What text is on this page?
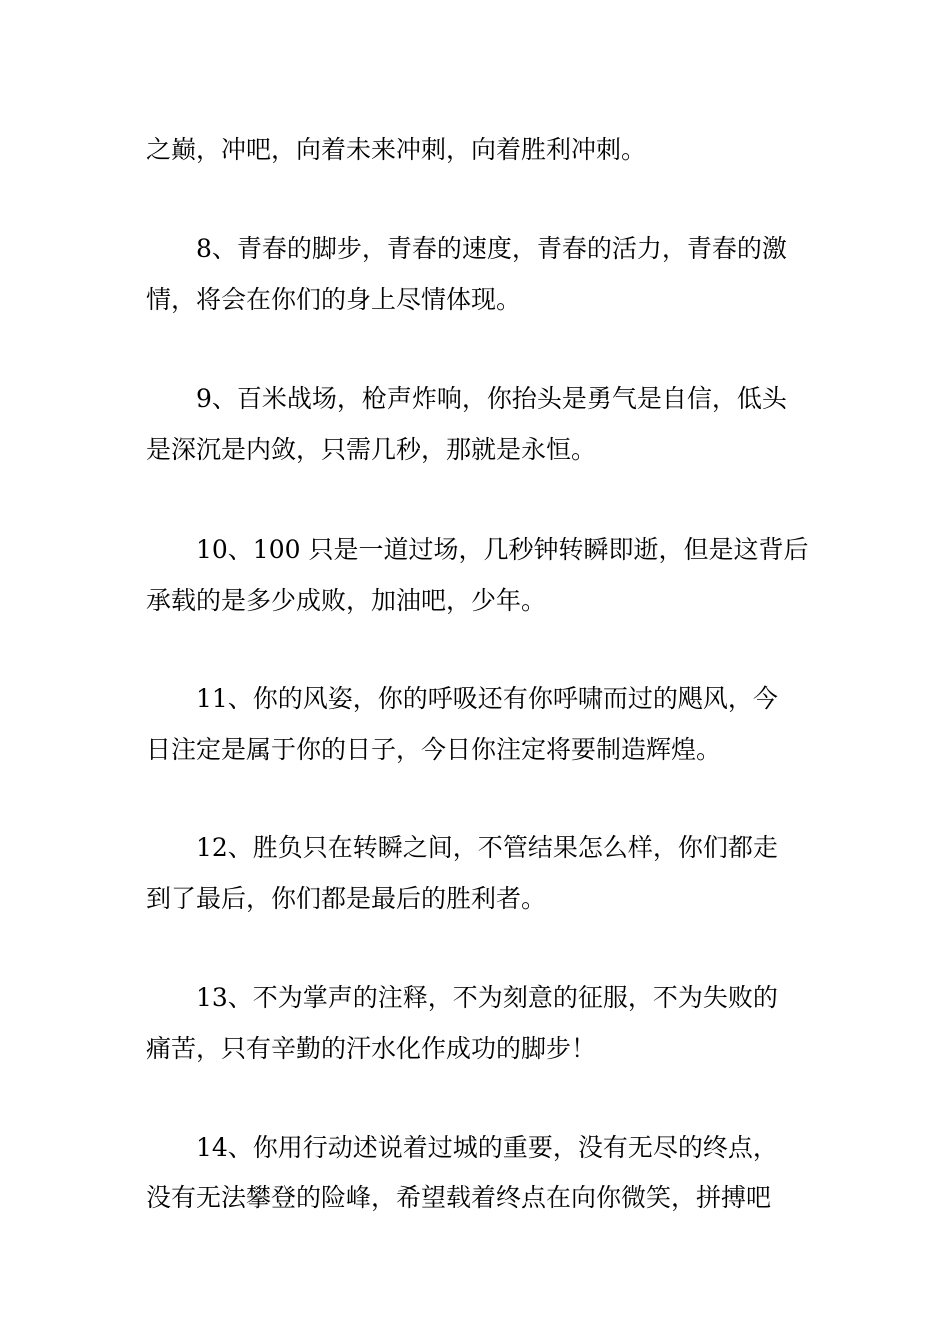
之巅，冲吧，向着未来冲刺，向着胜利冲刺。
8、青春的脚步，青春的速度，青春的活力，青春的激
情，将会在你们的身上尽情体现。
9、百米战场，枪声炸响，你抬头是勇气是自信，低头
是深沉是内敛，只需几秒，那就是永恒。
10、100 只是一道过场，几秒钟转瞬即逝，但是这背后
承载的是多少成败，加油吧，少年。
11、你的风姿，你的呼吸还有你呼啸而过的飓风，今
日注定是属于你的日子，今日你注定将要制造辉煌。
12、胜负只在转瞬之间，不管结果怎么样，你们都走
到了最后，你们都是最后的胜利者。
13、不为掌声的注释，不为刻意的征服，不为失败的
痛苦，只有辛勤的汗水化作成功的脚步！
14、你用行动述说着过城的重要，没有无尽的终点，
没有无法攀登的险峰，希望载着终点在向你微笑，拼搏吧
